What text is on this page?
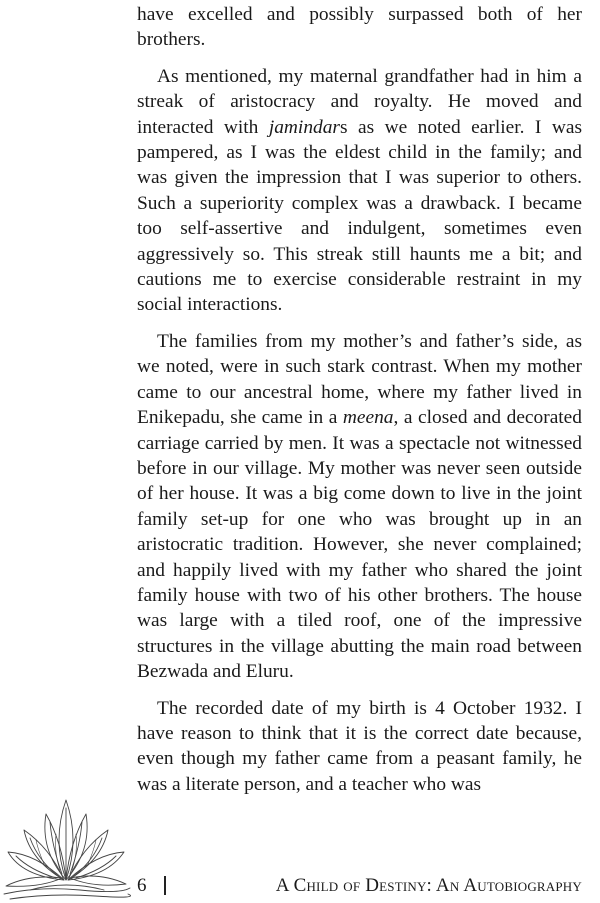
have excelled and possibly surpassed both of her brothers.

As mentioned, my maternal grandfather had in him a streak of aristocracy and royalty. He moved and interacted with jamindars as we noted earlier. I was pampered, as I was the eldest child in the family; and was given the impression that I was superior to others. Such a superiority complex was a drawback. I became too self-assertive and indulgent, sometimes even aggressively so. This streak still haunts me a bit; and cautions me to exercise considerable restraint in my social interactions.

The families from my mother’s and father’s side, as we noted, were in such stark contrast. When my mother came to our ancestral home, where my father lived in Enikepadu, she came in a meena, a closed and decorated carriage carried by men. It was a spectacle not witnessed before in our village. My mother was never seen outside of her house. It was a big come down to live in the joint family set-up for one who was brought up in an aristocratic tradition. However, she never complained; and happily lived with my father who shared the joint family house with two of his other brothers. The house was large with a tiled roof, one of the impressive structures in the village abutting the main road between Bezwada and Eluru.

The recorded date of my birth is 4 October 1932. I have reason to think that it is the correct date because, even though my father came from a peasant family, he was a literate person, and a teacher who was

6	A Child of Destiny: An Autobiography
